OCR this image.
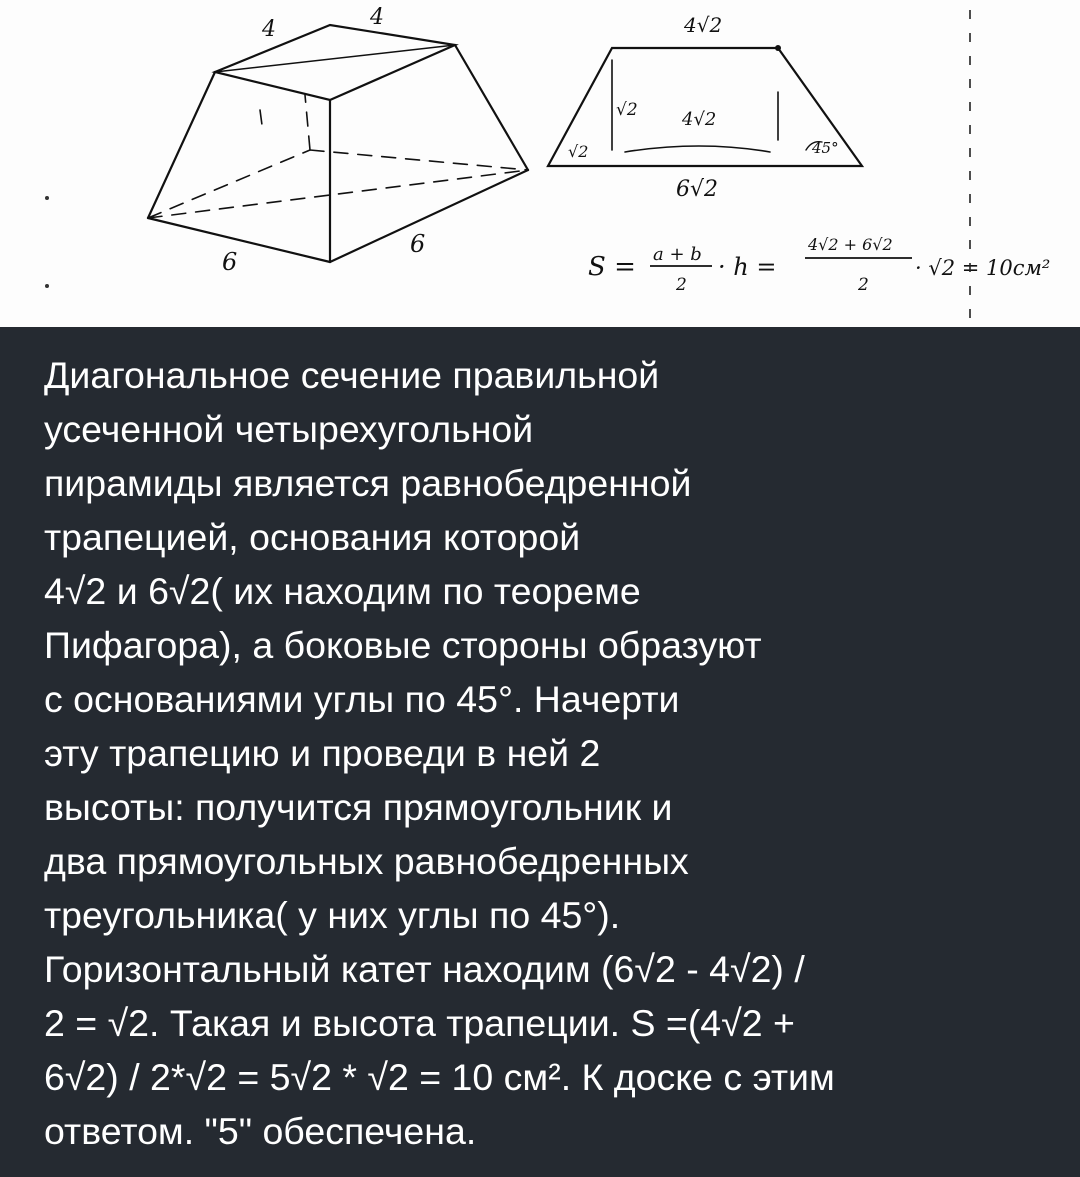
4	4
6
6
4√2
√2 4√2
√2	45°
6√2
S = a + b
2
· h =
4√2 + 6√2
2
· √2 = 10см²
Диагональное сечение правильной
усеченной четырехугольной
пирамиды является равнобедренной
трапецией, основания которой
4√2 и 6√2( их находим по теореме
Пифагора), а боковые стороны образуют
с основаниями углы по 45°. Начерти
эту трапецию и проведи в ней 2
высоты: получится прямоугольник и
два прямоугольных равнобедренных
треугольника( у них углы по 45°).
Горизонтальный катет находим (6√2 - 4√2) /
2 = √2. Такая и высота трапеции. S =(4√2 +
6√2) / 2*√2 = 5√2 * √2 = 10 см². К доске с этим
ответом. "5" обеспечена.
